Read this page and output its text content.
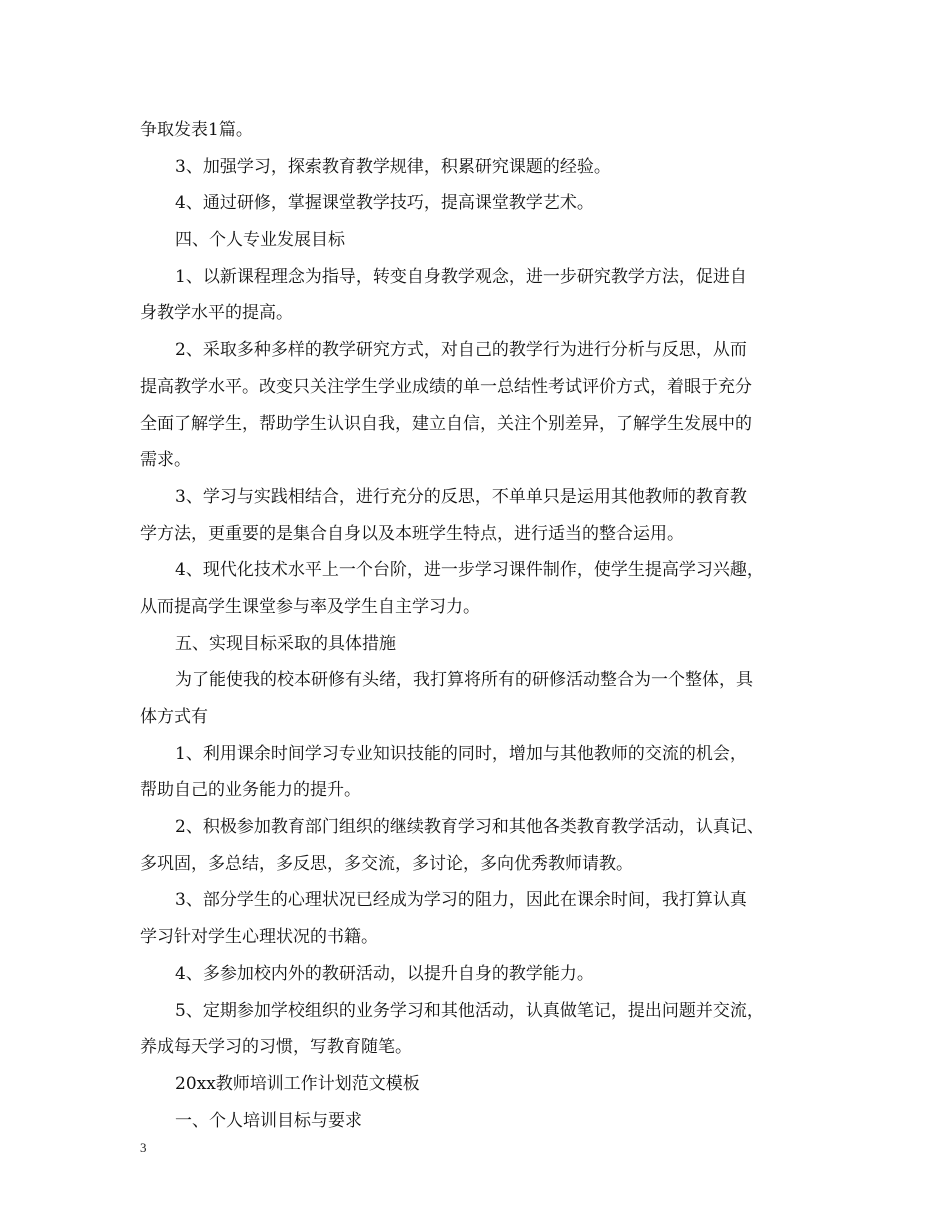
争取发表1篇。
3、加强学习，探索教育教学规律，积累研究课题的经验。
4、通过研修，掌握课堂教学技巧，提高课堂教学艺术。
四、个人专业发展目标
1、以新课程理念为指导，转变自身教学观念，进一步研究教学方法，促进自
身教学水平的提高。
2、采取多种多样的教学研究方式，对自己的教学行为进行分析与反思，从而
提高教学水平。改变只关注学生学业成绩的单一总结性考试评价方式，着眼于充分
全面了解学生，帮助学生认识自我，建立自信，关注个别差异，了解学生发展中的
需求。
3、学习与实践相结合，进行充分的反思，不单单只是运用其他教师的教育教
学方法，更重要的是集合自身以及本班学生特点，进行适当的整合运用。
4、现代化技术水平上一个台阶，进一步学习课件制作，使学生提高学习兴趣，
从而提高学生课堂参与率及学生自主学习力。
五、实现目标采取的具体措施
为了能使我的校本研修有头绪，我打算将所有的研修活动整合为一个整体，具
体方式有
1、利用课余时间学习专业知识技能的同时，增加与其他教师的交流的机会，
帮助自己的业务能力的提升。
2、积极参加教育部门组织的继续教育学习和其他各类教育教学活动，认真记、
多巩固，多总结，多反思，多交流，多讨论，多向优秀教师请教。
3、部分学生的心理状况已经成为学习的阻力，因此在课余时间，我打算认真
学习针对学生心理状况的书籍。
4、多参加校内外的教研活动，以提升自身的教学能力。
5、定期参加学校组织的业务学习和其他活动，认真做笔记，提出问题并交流，
养成每天学习的习惯，写教育随笔。
20xx教师培训工作计划范文模板
一、个人培训目标与要求
3
